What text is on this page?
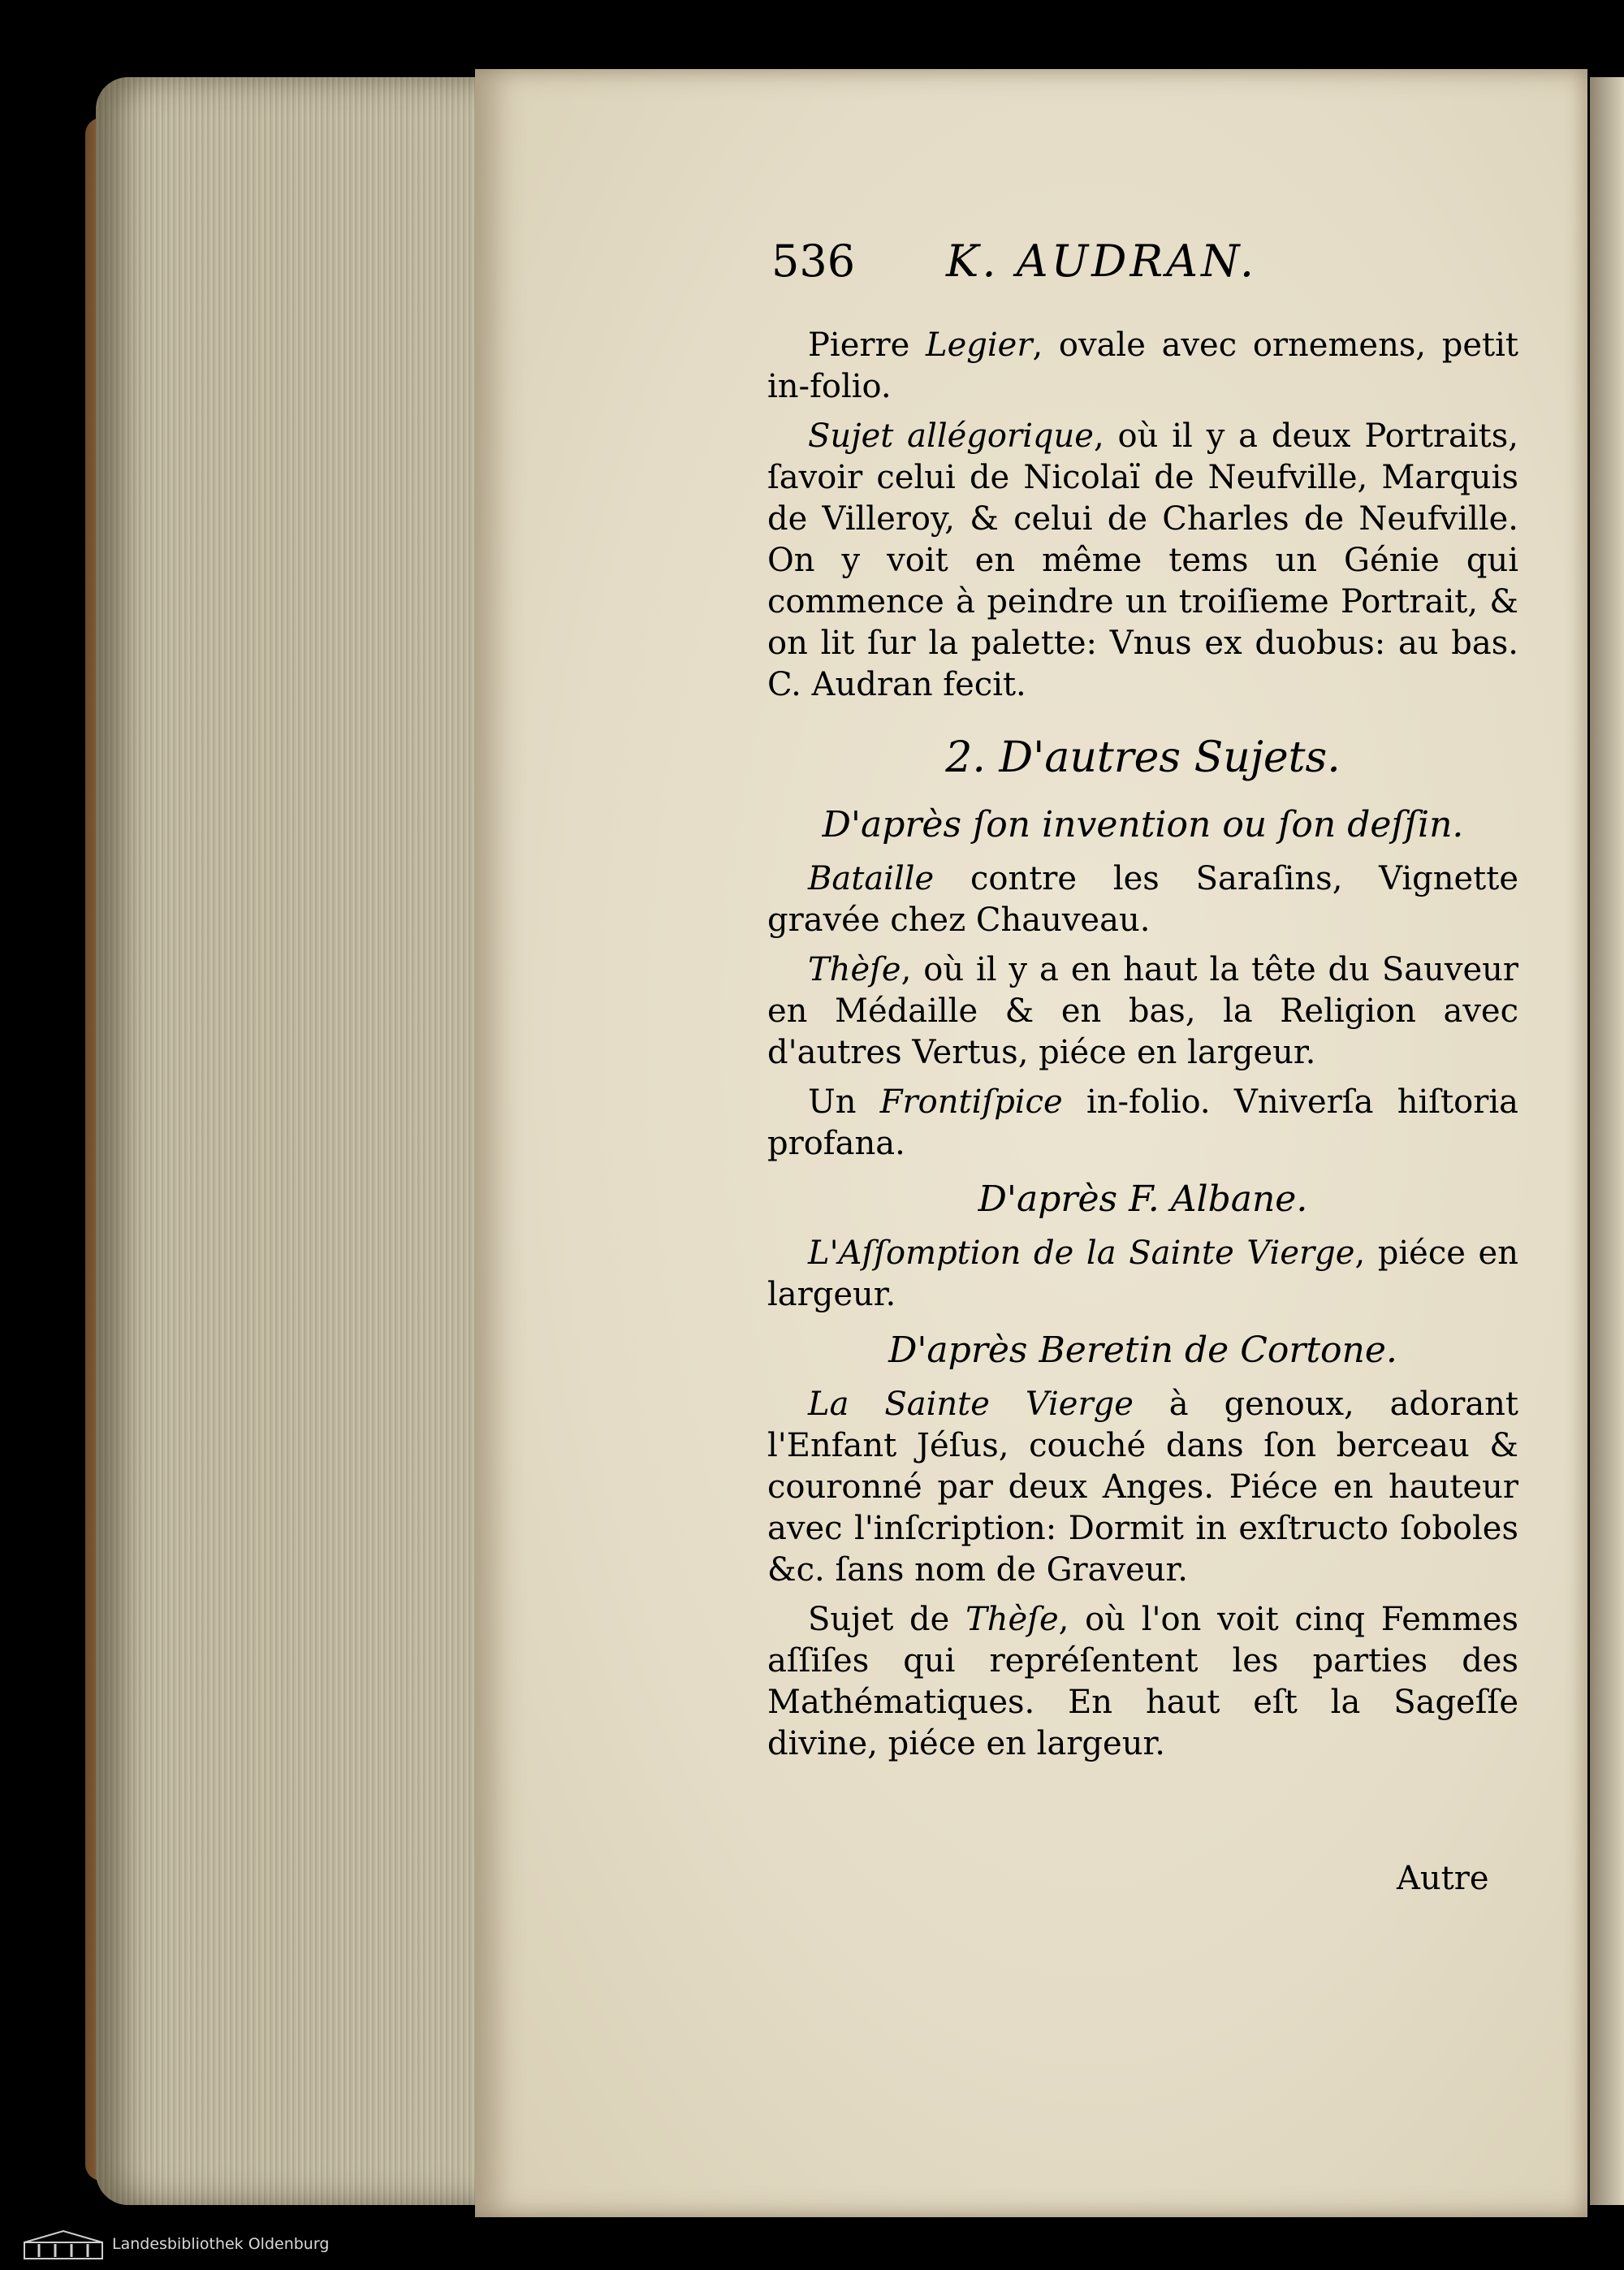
536 K. AUDRAN.

Pierre Legier, ovale avec ornemens, petit in-folio.

Sujet allégorique, où il y a deux Portraits, ſavoir celui de Nicolaï de Neufville, Marquis de Villeroy, & celui de Charles de Neufville. On y voit en même tems un Génie qui commence à peindre un troiſieme Portrait, & on lit ſur la palette: Vnus ex duobus: au bas. C. Audran fecit.

2. D'autres Sujets.

D'après ſon invention ou ſon deſſin.

Bataille contre les Saraſins, Vignette gravée chez Chauveau.

Thèſe, où il y a en haut la tête du Sauveur en Médaille & en bas, la Religion avec d'autres Vertus, piéce en largeur.

Un Frontiſpice in-folio. Vniverſa hiſtoria profana.

D'après F. Albane.

L'Aſſomption de la Sainte Vierge, piéce en largeur.

D'après Beretin de Cortone.

La Sainte Vierge à genoux, adorant l'Enfant Jéſus, couché dans ſon berceau & couronné par deux Anges. Piéce en hauteur avec l'inſcription: Dormit in exſtructo ſoboles &c. ſans nom de Graveur.

Sujet de Thèſe, où l'on voit cinq Femmes aſſiſes qui repréſentent les parties des Mathématiques. En haut eſt la Sageſſe divine, piéce en largeur.

Autre
Landesbibliothek Oldenburg
